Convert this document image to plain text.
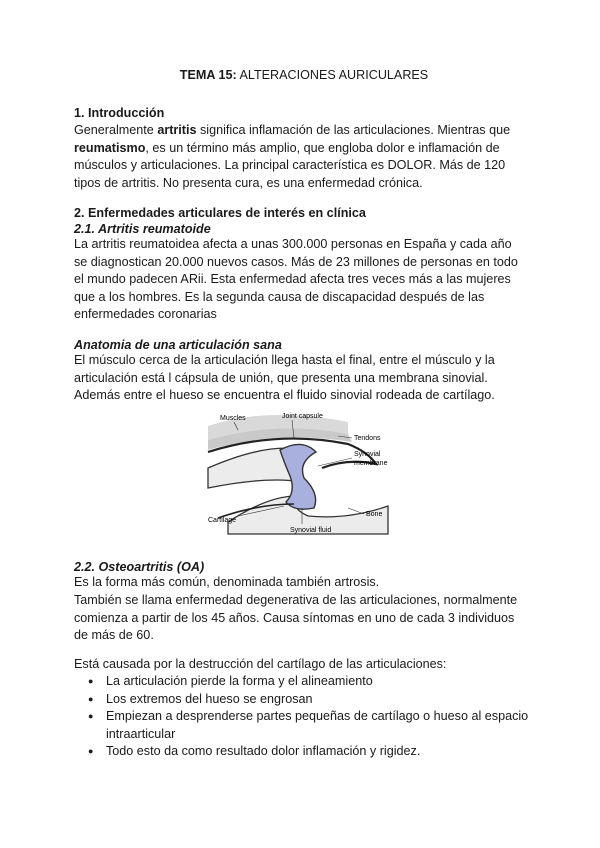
TEMA 15: ALTERACIONES AURICULARES
1. Introducción
Generalmente artritis significa inflamación de las articulaciones. Mientras que reumatismo, es un término más amplio, que engloba dolor e inflamación de músculos y articulaciones. La principal característica es DOLOR. Más de 120 tipos de artritis. No presenta cura, es una enfermedad crónica.
2. Enfermedades articulares de interés en clínica
2.1. Artritis reumatoide
La artritis reumatoidea afecta a unas 300.000 personas en España y cada año se diagnostican 20.000 nuevos casos. Más de 23 millones de personas en todo el mundo padecen ARii. Esta enfermedad afecta tres veces más a las mujeres que a los hombres. Es la segunda causa de discapacidad después de las enfermedades coronarias
Anatomia de una articulación sana
El músculo cerca de la articulación llega hasta el final, entre el músculo y la articulación está l cápsula de unión, que presenta una membrana sinovial. Además entre el hueso se encuentra el fluido sinovial rodeada de cartílago.
Muscles	Joint capsule
Tendons
Synovial
membrane
Bone
Cartilage
Synovial fluid
2.2. Osteoartritis (OA)
Es la forma más común, denominada también artrosis.
También se llama enfermedad degenerativa de las articulaciones, normalmente comienza a partir de los 45 años. Causa síntomas en uno de cada 3 individuos de más de 60.
Está causada por la destrucción del cartílago de las articulaciones:
● La articulación pierde la forma y el alineamiento
● Los extremos del hueso se engrosan
● Empiezan a desprenderse partes pequeñas de cartílago o hueso al espacio intraarticular
● Todo esto da como resultado dolor inflamación y rigidez.
